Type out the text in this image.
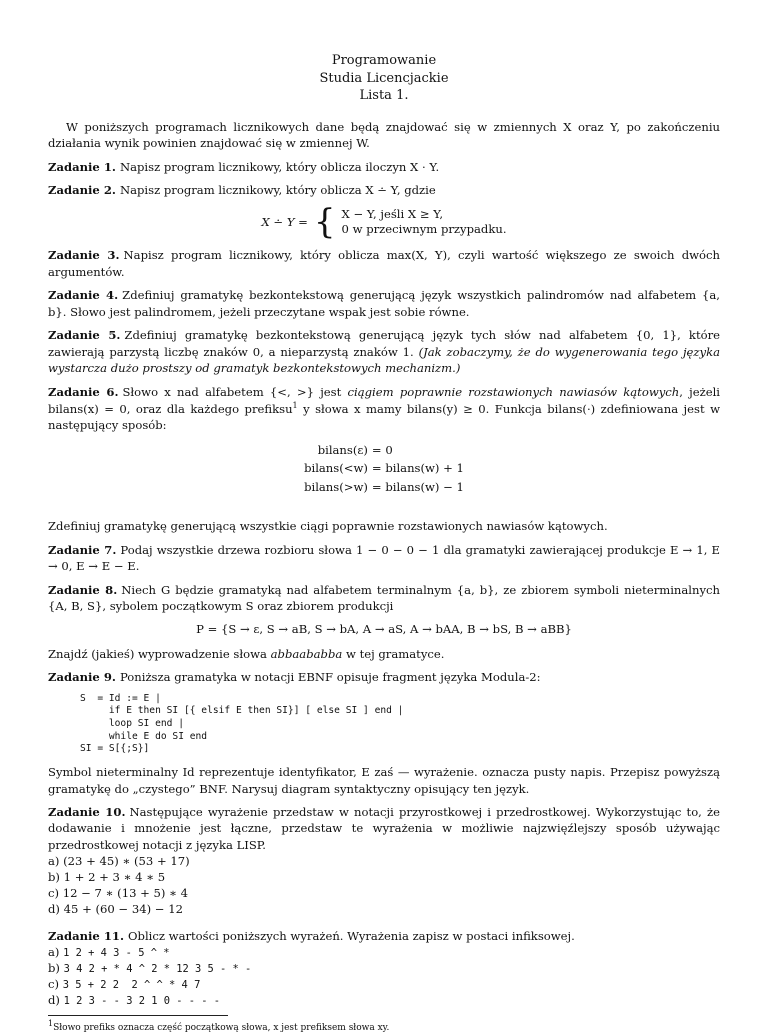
Programowanie
Studia Licencjackie
Lista 1.

W poniższych programach licznikowych dane będą znajdować się w zmiennych X oraz Y, po zakończeniu działania wynik powinien znajdować się w zmiennej W.

Zadanie 1. Napisz program licznikowy, który oblicza iloczyn X · Y.

Zadanie 2. Napisz program licznikowy, który oblicza X ∸ Y, gdzie

X ∸ Y = { X − Y, jeśli X ≥ Y,
0 w przeciwnym przypadku.

Zadanie 3. Napisz program licznikowy, który oblicza max(X, Y), czyli wartość większego ze swoich dwóch argumentów.

Zadanie 4. Zdefiniuj gramatykę bezkontekstową generującą język wszystkich palindromów nad alfabetem {a, b}. Słowo jest palindromem, jeżeli przeczytane wspak jest sobie równe.

Zadanie 5. Zdefiniuj gramatykę bezkontekstową generującą język tych słów nad alfabetem {0, 1}, które zawierają parzystą liczbę znaków 0, a nieparzystą znaków 1. (Jak zobaczymy, że do wygenerowania tego języka wystarcza dużo prostszy od gramatyk bezkontekstowych mechanizm.)

Zadanie 6. Słowo x nad alfabetem {<, >} jest ciągiem poprawnie rozstawionych nawiasów kątowych, jeżeli bilans(x) = 0, oraz dla każdego prefiksu$^1$ y słowa x mamy bilans(y) ≥ 0. Funkcja bilans(·) zdefiniowana jest w następujący sposób:

bilans(ε)	= 0
bilans(<w)	= bilans(w) + 1
bilans(>w)	= bilans(w) − 1

Zdefiniuj gramatykę generującą wszystkie ciągi poprawnie rozstawionych nawiasów kątowych.

Zadanie 7. Podaj wszystkie drzewa rozbioru słowa 1 − 0 − 0 − 1 dla gramatyki zawierającej produkcje E → 1, E → 0, E → E − E.

Zadanie 8. Niech G będzie gramatyką nad alfabetem terminalnym {a, b}, ze zbiorem symboli nieterminalnych {A, B, S}, sybolem początkowym S oraz zbiorem produkcji

P = {S → ε, S → aB, S → bA, A → aS, A → bAA, B → bS, B → aBB}

Znajdź (jakieś) wyprowadzenie słowa abbaababba w tej gramatyce.

Zadanie 9. Poniższa gramatyka w notacji EBNF opisuje fragment języka Modula-2:

S  = Id := E |
if E then SI [{ elsif E then SI}] [ else SI ] end |
loop SI end |
while E do SI end
SI = S[{;S}]

Symbol nieterminalny Id reprezentuje identyfikator, E zaś — wyrażenie. oznacza pusty napis. Przepisz powyższą gramatykę do „czystego” BNF. Narysuj diagram syntaktyczny opisujący ten język.

Zadanie 10. Następujące wyrażenie przedstaw w notacji przyrostkowej i przedrostkowej. Wykorzystując to, że dodawanie i mnożenie jest łączne, przedstaw te wyrażenia w możliwie najzwięźlejszy sposób używając przedrostkowej notacji z języka LISP.

a) (23 + 45) ∗ (53 + 17)
b) 1 + 2 + 3 ∗ 4 ∗ 5
c) 12 − 7 ∗ (13 + 5) ∗ 4
d) 45 + (60 − 34) − 12

Zadanie 11. Oblicz wartości poniższych wyrażeń. Wyrażenia zapisz w postaci infiksowej.

a) 1 2 + 4 3 - 5 ^ *
b) 3 4 2 + * 4 ^ 2 * 12 3 5 - * -
c) 3 5 + 2 2  2 ^ ^ * 4 7
d) 1 2 3 - - 3 2 1 0 - - - -
$^1$Słowo prefiks oznacza część początkową słowa, x jest prefiksem słowa xy.
